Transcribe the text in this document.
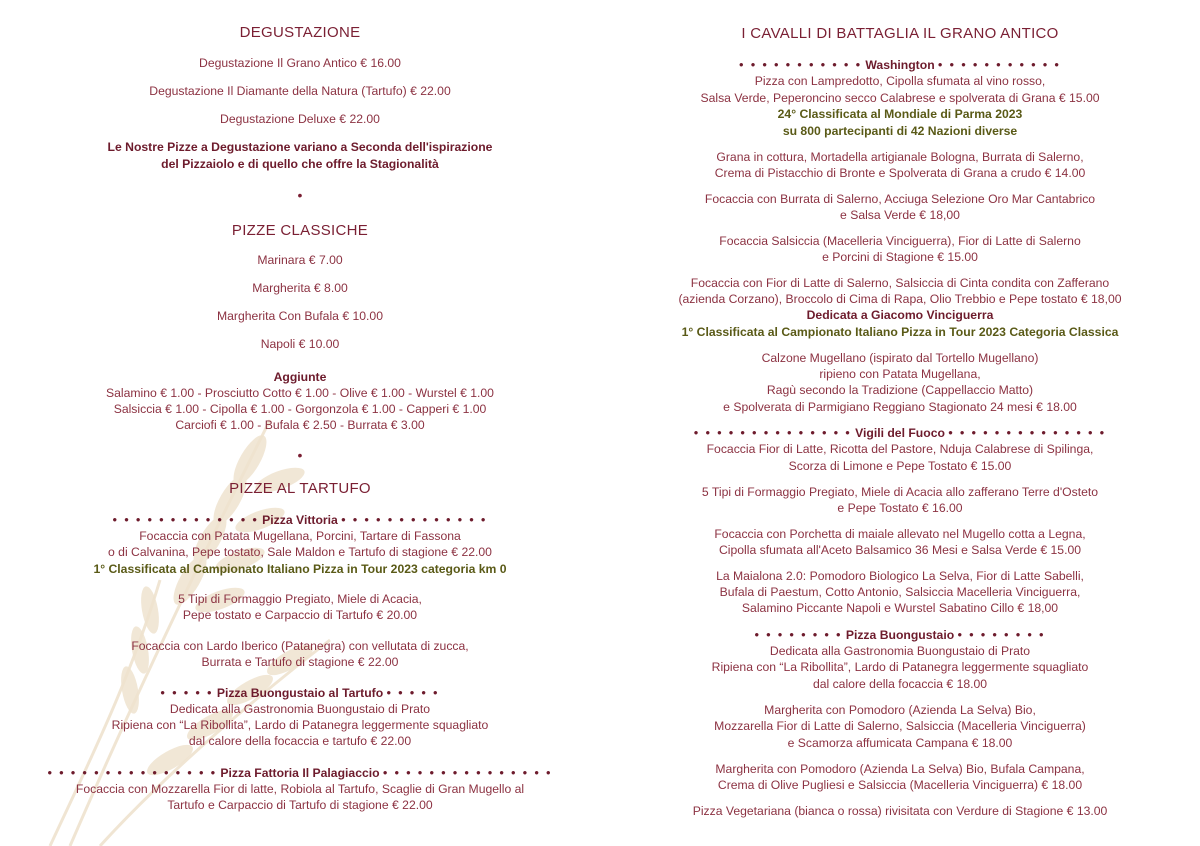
DEGUSTAZIONE

Degustazione Il Grano Antico € 16.00

Degustazione Il Diamante della Natura (Tartufo) € 22.00

Degustazione Deluxe € 22.00

Le Nostre Pizze a Degustazione variano a Seconda dell'ispirazione

del Pizzaiolo e di quello che offre la Stagionalità

•

PIZZE CLASSICHE

Marinara € 7.00

Margherita € 8.00

Margherita Con Bufala € 10.00

Napoli € 10.00

Aggiunte

Salamino € 1.00 - Prosciutto Cotto € 1.00 - Olive € 1.00 - Wurstel € 1.00

Salsiccia € 1.00 - Cipolla € 1.00 - Gorgonzola € 1.00 - Capperi € 1.00

Carciofi € 1.00 - Bufala € 2.50 - Burrata € 3.00

•

PIZZE AL TARTUFO

• • • • • • • • • • • • • Pizza Vittoria • • • • • • • • • • • • •

Focaccia con Patata Mugellana, Porcini, Tartare di Fassona

o di Calvanina, Pepe tostato, Sale Maldon e Tartufo di stagione € 22.00

1° Classificata al Campionato Italiano Pizza in Tour 2023 categoria km 0

5 Tipi di Formaggio Pregiato, Miele di Acacia,

Pepe tostato e Carpaccio di Tartufo € 20.00

Focaccia con Lardo Iberico (Patanegra) con vellutata di zucca,

Burrata e Tartufo di stagione € 22.00

• • • • • Pizza Buongustaio al Tartufo • • • • •

Dedicata alla Gastronomia Buongustaio di Prato

Ripiena con “La Ribollita”, Lardo di Patanegra leggermente squagliato

dal calore della focaccia e tartufo € 22.00

• • • • • • • • • • • • • • • Pizza Fattoria Il Palagiaccio • • • • • • • • • • • • • • •

Focaccia con Mozzarella Fior di latte, Robiola al Tartufo, Scaglie di Gran Mugello al

Tartufo e Carpaccio di Tartufo di stagione € 22.00

I CAVALLI DI BATTAGLIA IL GRANO ANTICO

• • • • • • • • • • • Washington • • • • • • • • • • •

Pizza con Lampredotto, Cipolla sfumata al vino rosso,

Salsa Verde, Peperoncino secco Calabrese e spolverata di Grana € 15.00

24° Classificata al Mondiale di Parma 2023

su 800 partecipanti di 42 Nazioni diverse

Grana in cottura, Mortadella artigianale Bologna, Burrata di Salerno,

Crema di Pistacchio di Bronte e Spolverata di Grana a crudo € 14.00

Focaccia con Burrata di Salerno, Acciuga Selezione Oro Mar Cantabrico

e Salsa Verde € 18,00

Focaccia Salsiccia (Macelleria Vinciguerra), Fior di Latte di Salerno

e Porcini di Stagione € 15.00

Focaccia con Fior di Latte di Salerno, Salsiccia di Cinta condita con Zafferano

(azienda Corzano), Broccolo di Cima di Rapa, Olio Trebbio e Pepe tostato € 18,00

Dedicata a Giacomo Vinciguerra

1° Classificata al Campionato Italiano Pizza in Tour 2023 Categoria Classica

Calzone Mugellano (ispirato dal Tortello Mugellano)

ripieno con Patata Mugellana,

Ragù secondo la Tradizione (Cappellaccio Matto)

e Spolverata di Parmigiano Reggiano Stagionato 24 mesi € 18.00

• • • • • • • • • • • • • • Vigili del Fuoco • • • • • • • • • • • • • •

Focaccia Fior di Latte, Ricotta del Pastore, Nduja Calabrese di Spilinga,

Scorza di Limone e Pepe Tostato € 15.00

5 Tipi di Formaggio Pregiato, Miele di Acacia allo zafferano Terre d'Osteto

e Pepe Tostato € 16.00

Focaccia con Porchetta di maiale allevato nel Mugello cotta a Legna,

Cipolla sfumata all'Aceto Balsamico 36 Mesi e Salsa Verde € 15.00

La Maialona 2.0: Pomodoro Biologico La Selva, Fior di Latte Sabelli,

Bufala di Paestum, Cotto Antonio, Salsiccia Macelleria Vinciguerra,

Salamino Piccante Napoli e Wurstel Sabatino Cillo € 18,00

• • • • • • • • Pizza Buongustaio • • • • • • • •

Dedicata alla Gastronomia Buongustaio di Prato

Ripiena con “La Ribollita”, Lardo di Patanegra leggermente squagliato

dal calore della focaccia € 18.00

Margherita con Pomodoro (Azienda La Selva) Bio,

Mozzarella Fior di Latte di Salerno, Salsiccia (Macelleria Vinciguerra)

e Scamorza affumicata Campana € 18.00

Margherita con Pomodoro (Azienda La Selva) Bio, Bufala Campana,

Crema di Olive Pugliesi e Salsiccia (Macelleria Vinciguerra) € 18.00

Pizza Vegetariana (bianca o rossa) rivisitata con Verdure di Stagione € 13.00
